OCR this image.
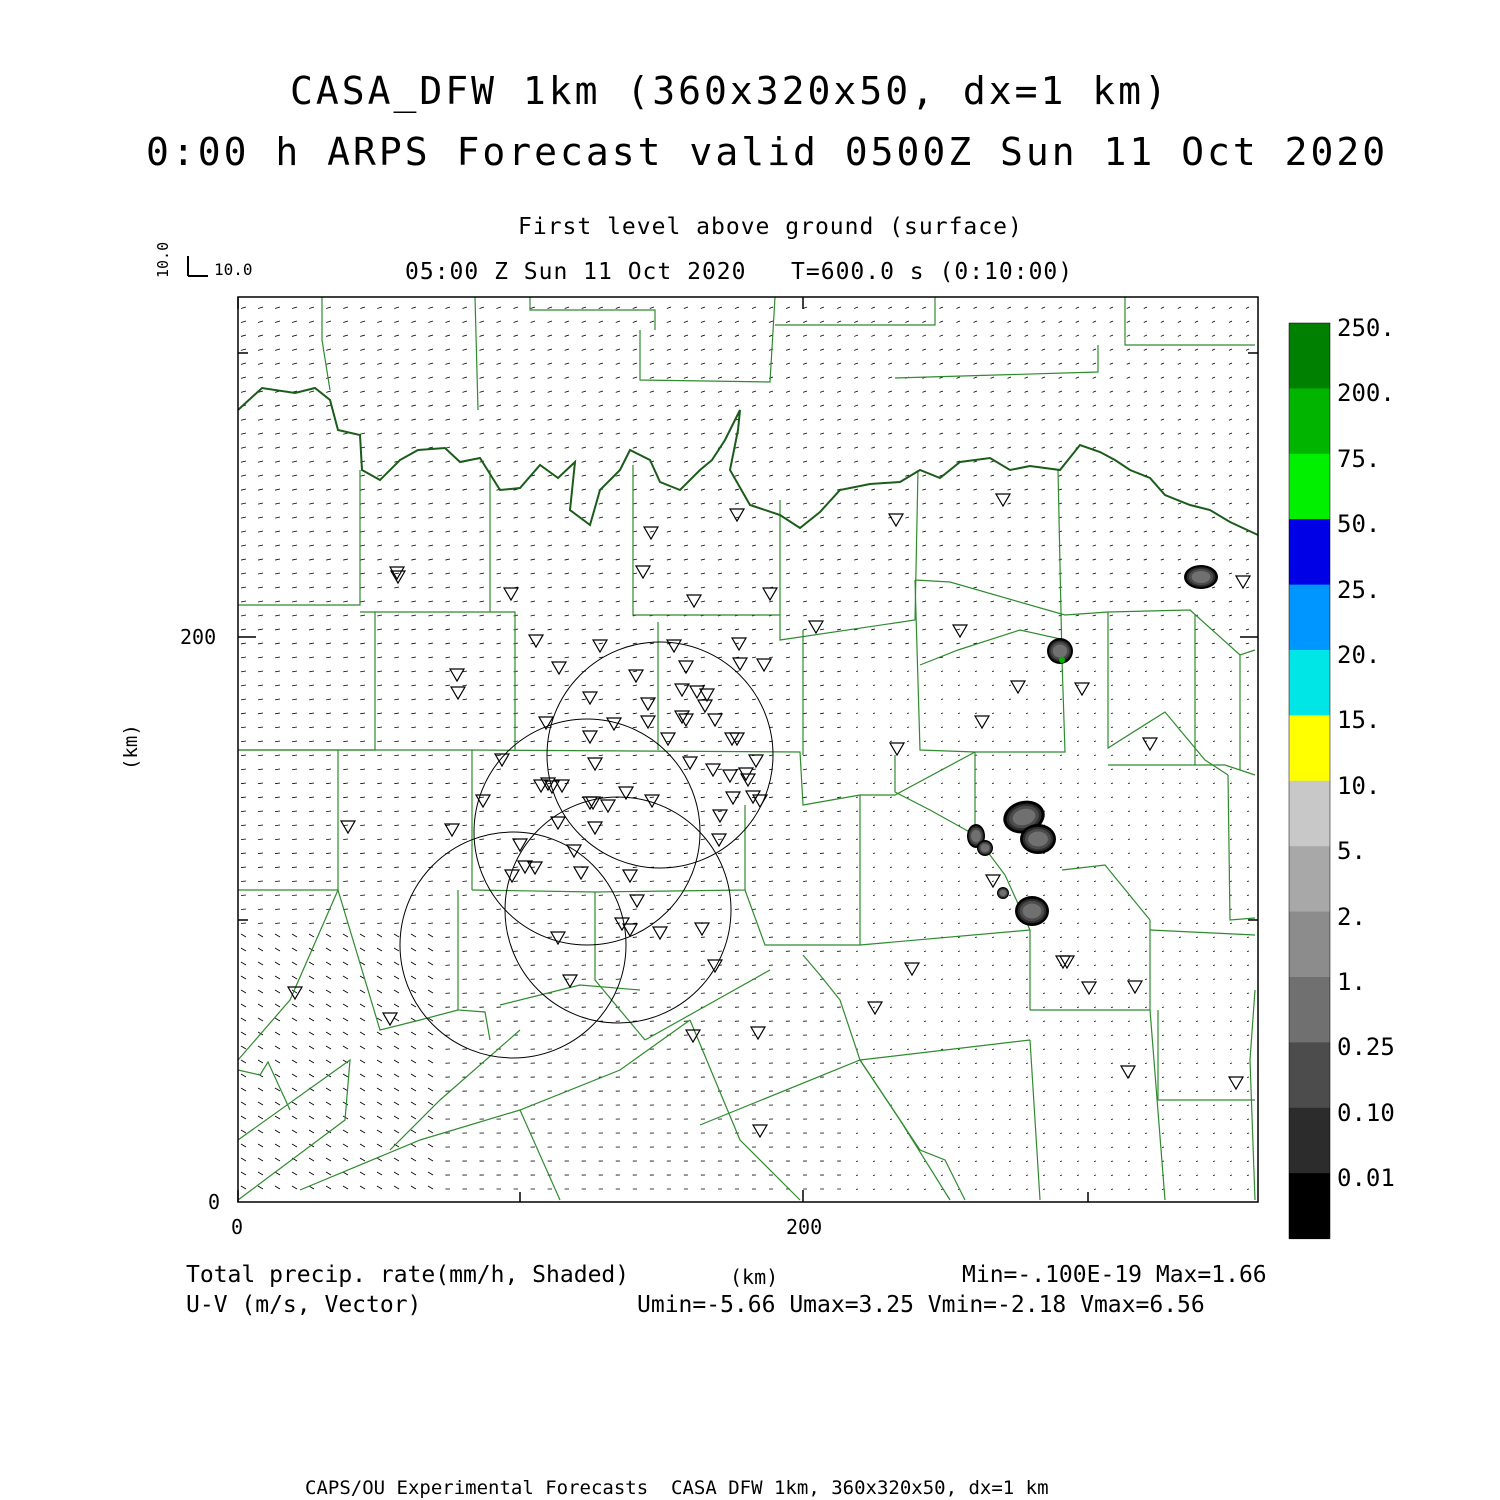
CASA_DFW 1km (360x320x50, dx=1 km)
0:00 h ARPS Forecast valid 0500Z Sun 11 Oct 2020
First level above ground (surface)
05:00 Z Sun 11 Oct 2020   T=600.0 s (0:10:00)
10.0	10.0
0	200
0
200
(km)
(km)
250.
200.
75.
50.
25.
20.
15.
10.
5.
2.
1.
0.25
0.10
0.01
Total precip. rate(mm/h, Shaded)
U-V (m/s, Vector)
Min=-.100E-19 Max=1.66
Umin=-5.66 Umax=3.25 Vmin=-2.18 Vmax=6.56
CAPS/OU Experimental Forecasts  CASA DFW 1km, 360x320x50, dx=1 km
